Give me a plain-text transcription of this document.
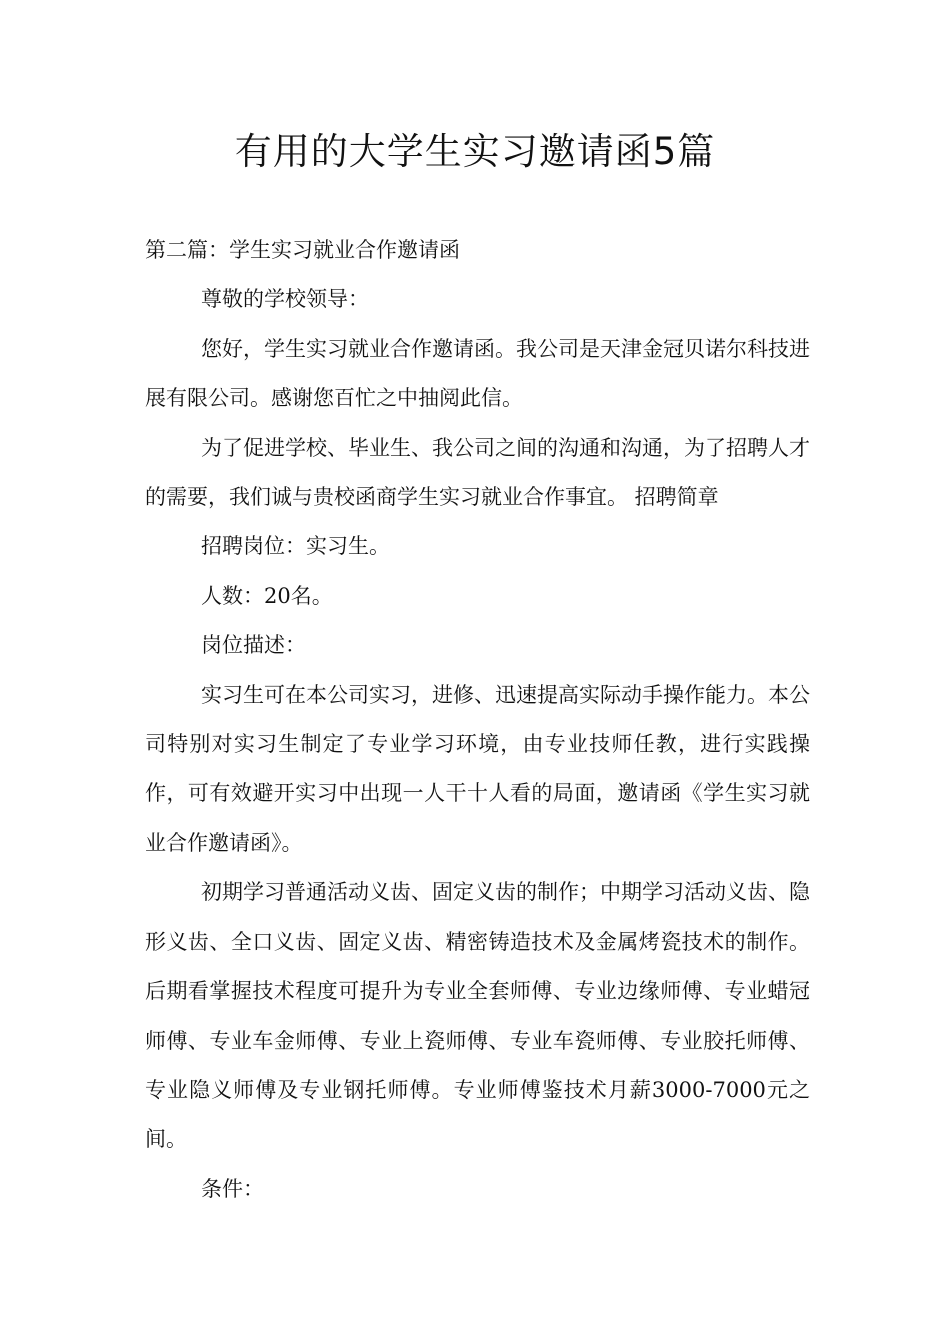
有用的大学生实习邀请函5篇

第二篇：学生实习就业合作邀请函

尊敬的学校领导：

您好，学生实习就业合作邀请函。我公司是天津金冠贝诺尔科技进展有限公司。感谢您百忙之中抽阅此信。

为了促进学校、毕业生、我公司之间的沟通和沟通，为了招聘人才的需要，我们诚与贵校函商学生实习就业合作事宜。 招聘简章

招聘岗位：实习生。

人数：20名。

岗位描述：

实习生可在本公司实习，进修、迅速提高实际动手操作能力。本公司特别对实习生制定了专业学习环境，由专业技师任教，进行实践操作，可有效避开实习中出现一人干十人看的局面，邀请函《学生实习就业合作邀请函》。

初期学习普通活动义齿、固定义齿的制作；中期学习活动义齿、隐形义齿、全口义齿、固定义齿、精密铸造技术及金属烤瓷技术的制作。后期看掌握技术程度可提升为专业全套师傅、专业边缘师傅、专业蜡冠师傅、专业车金师傅、专业上瓷师傅、专业车瓷师傅、专业胶托师傅、专业隐义师傅及专业钢托师傅。专业师傅鉴技术月薪3000-7000元之间。

条件：
